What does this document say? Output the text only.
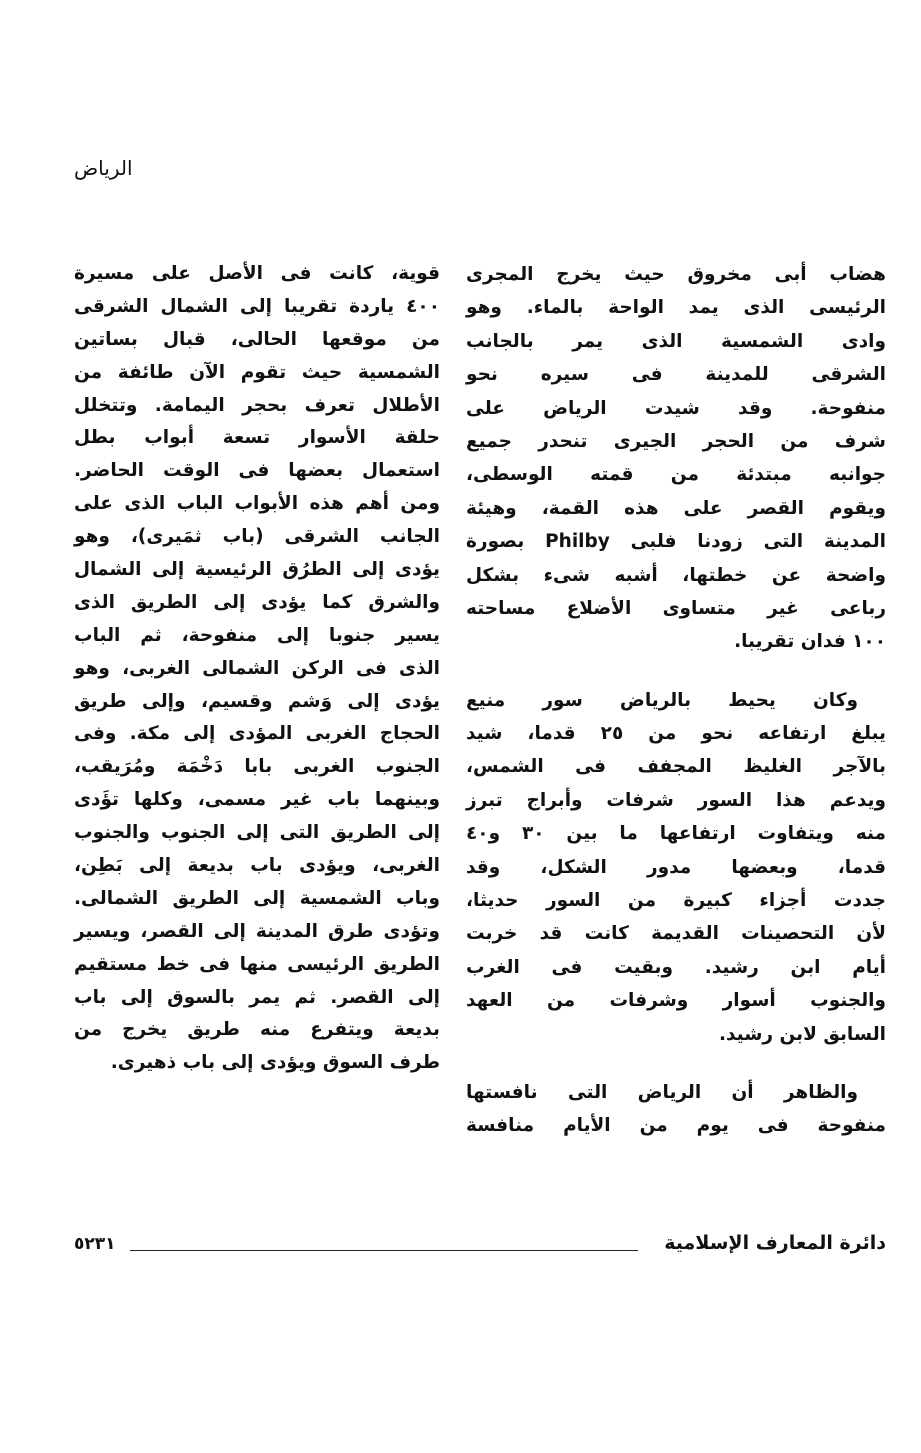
الرياض
هضاب أبى مخروق حيث يخرج المجرى
الرئيسى الذى يمد الواحة بالماء. وهو
وادى الشمسية الذى يمر بالجانب
الشرقى للمدينة فى سيره نحو
منفوحة. وقد شيدت الرياض على
شرف من الحجر الجيرى تنحدر جميع
جوانبه مبتدئة من قمته الوسطى،
ويقوم القصر على هذه القمة، وهيئة
المدينة التى زودنا فلبى Philby بصورة
واضحة عن خطتها، أشبه شىء بشكل
رباعى غير متساوى الأضلاع مساحته
١٠٠ فدان تقريبا.
وكان يحيط بالرياض سور منيع
يبلغ ارتفاعه نحو من ٢٥ قدما، شيد
بالآجر الغليظ المجفف فى الشمس،
ويدعم هذا السور شرفات وأبراج تبرز
منه ويتفاوت ارتفاعها ما بين ٣٠ و٤٠
قدما، وبعضها مدور الشكل، وقد
جددت أجزاء كبيرة من السور حديثا،
لأن التحصينات القديمة كانت قد خربت
أيام ابن رشيد. وبقيت فى الغرب
والجنوب أسوار وشرفات من العهد
السابق لابن رشيد.
والظاهر أن الرياض التى نافستها
منفوحة فى يوم من الأيام منافسة
قوية، كانت فى الأصل على مسيرة
٤٠٠ ياردة تقريبا إلى الشمال الشرقى
من موقعها الحالى، قبال بساتين
الشمسية حيث تقوم الآن طائفة من
الأطلال تعرف بحجر اليمامة. وتتخلل
حلقة الأسوار تسعة أبواب بطل
استعمال بعضها فى الوقت الحاضر.
ومن أهم هذه الأبواب الباب الذى على
الجانب الشرقى (باب ثمَيرى)، وهو
يؤدى إلى الطرُق الرئيسية إلى الشمال
والشرق كما يؤدى إلى الطريق الذى
يسير جنوبا إلى منفوحة، ثم الباب
الذى فى الركن الشمالى الغربى، وهو
يؤدى إلى وَشم وقسيم، وإلى طريق
الحجاج الغربى المؤدى إلى مكة. وفى
الجنوب الغربى بابا دَخْمَة ومُرَيقب،
وبينهما باب غير مسمى، وكلها تؤَدى
إلى الطريق التى إلى الجنوب والجنوب
الغربى، ويؤدى باب بديعة إلى بَطِن،
وباب الشمسية إلى الطريق الشمالى.
وتؤدى طرق المدينة إلى القصر، ويسير
الطريق الرئيسى منها فى خط مستقيم
إلى القصر. ثم يمر بالسوق إلى باب
بديعة ويتفرع منه طريق يخرج من
طرف السوق ويؤدى إلى باب ذهيرى.
دائرة المعارف الإسلامية
٥٢٣١
